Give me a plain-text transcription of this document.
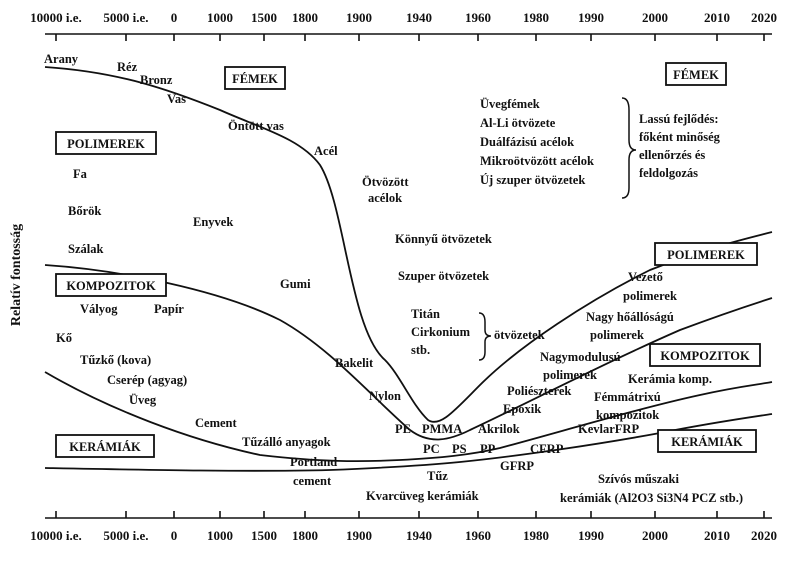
10000 i.e. 5000 i.e. 0 1000 1500 1800 1900	1940	1960 1980 1990	2000	2010 2020
10000 i.e. 5000 i.e. 0 1000 1500 1800 1900	1940	1960 1980 1990	2000	2010 2020
Relatív fontosság
FÉMEK	FÉMEK
POLIMEREK
POLIMEREK
KOMPOZITOK
KOMPOZITOK
KERÁMIÁK	KERÁMIÁK
Arany
Réz
Bronz
Vas
Öntött vas
Acél
Ötvözött
acélok
Üvegfémek
Al-Li ötvözete
Duálfázisú acélok
Mikroötvözött acélok
Új szuper ötvözetek
Lassú fejlődés:
főként minőség
ellenőrzés és
feldolgozás
Fa
Bőrök
Szálak
Enyvek
Gumi
Könnyű ötvözetek
Szuper ötvözetek
Titán
Cirkonium
stb.
ötvözetek
Vályog	Papír
Kő
Tűzkő (kova)
Cserép (agyag)
Üveg
Cement
Bakelit
Nylon
Vezető
polimerek
Nagy hőállóságú
polimerek
Nagymodulusú
polimerek
Poliészterek
Epoxik
Akrilok
Kerámia komp.
Fémmátrixú
kompozitok
KevlarFRP
CFRP
GFRP
PE PMMA
PC PS PP
Tűzálló anyagok
Portland
cement	Tűz
Kvarcüveg kerámiák
Szívós műszaki
kerámiák (Al2O3 Si3N4 PCZ stb.)
